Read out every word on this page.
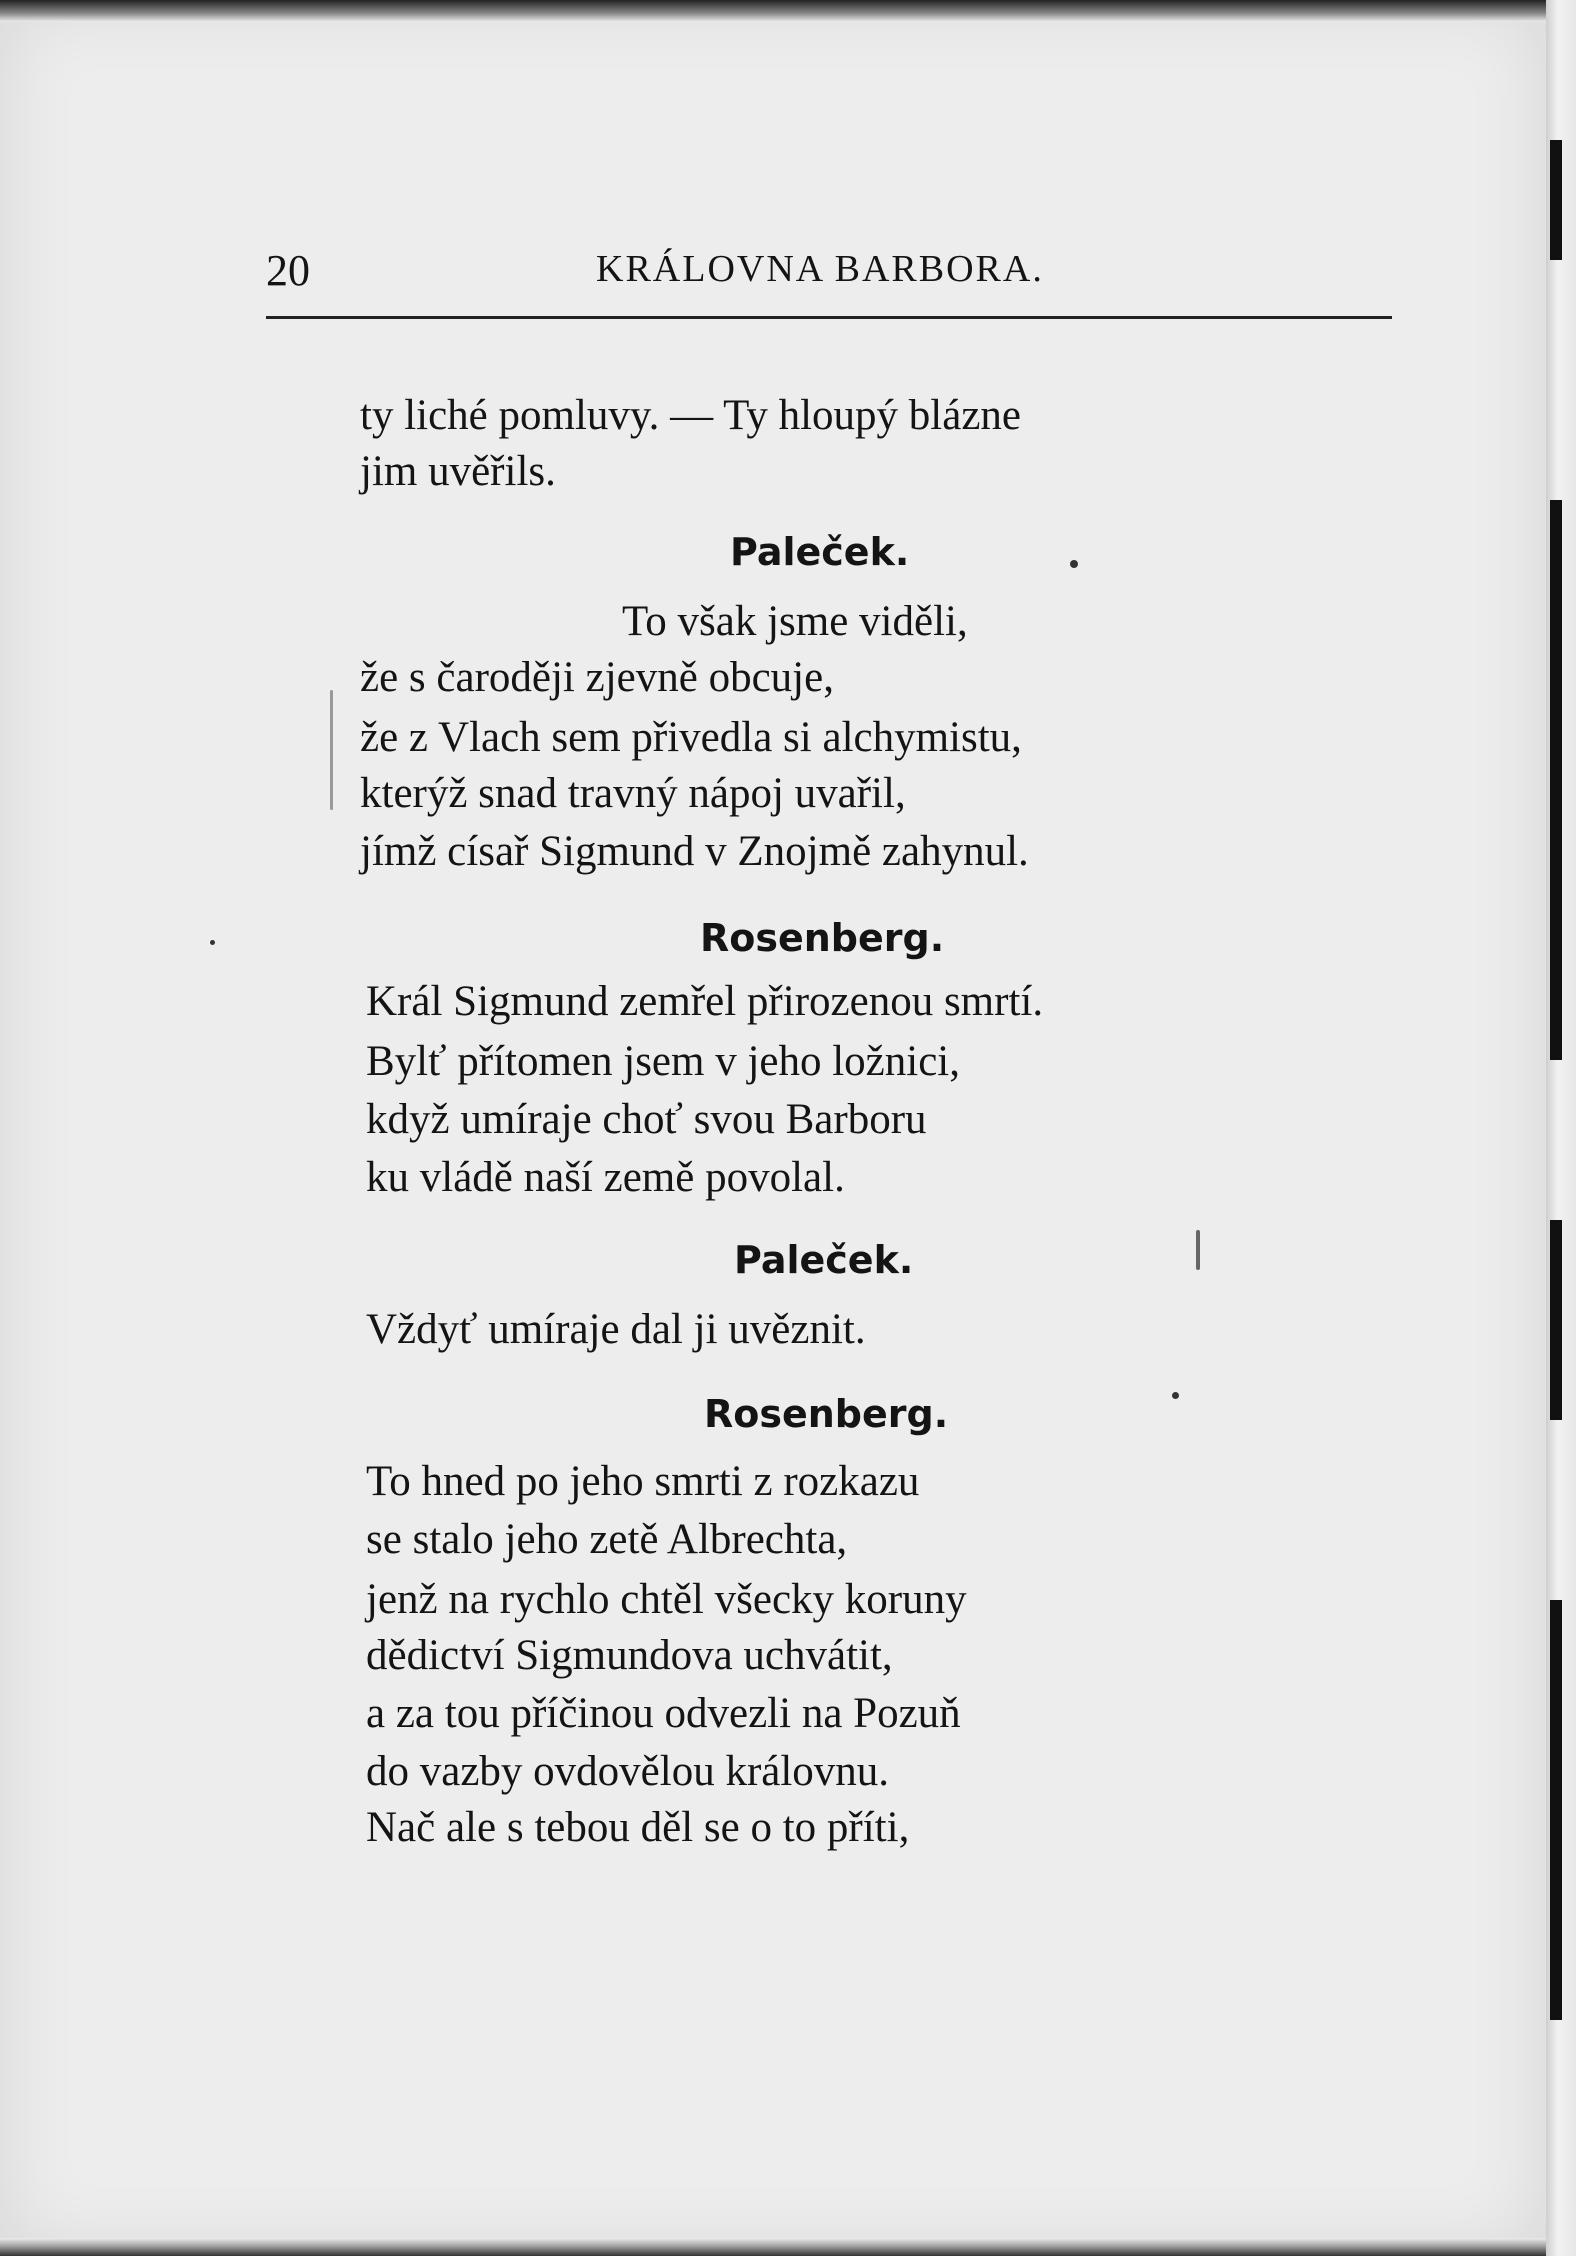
20	KRÁLOVNA BARBORA.
ty liché pomluvy. — Ty hloupý blázne
jim uvěřils.
Paleček.
To však jsme viděli,
že s čaroději zjevně obcuje,
že z Vlach sem přivedla si alchymistu,
kterýž snad travný nápoj uvařil,
jímž císař Sigmund v Znojmě zahynul.
Rosenberg.
Král Sigmund zemřel přirozenou smrtí.
Bylť přítomen jsem v jeho ložnici,
když umíraje choť svou Barboru
ku vládě naší země povolal.
Paleček.
Vždyť umíraje dal ji uvěznit.
Rosenberg.
To hned po jeho smrti z rozkazu
se stalo jeho zetě Albrechta,
jenž na rychlo chtěl všecky koruny
dědictví Sigmundova uchvátit,
a za tou příčinou odvezli na Pozuň
do vazby ovdovělou královnu.
Nač ale s tebou děl se o to příti,
